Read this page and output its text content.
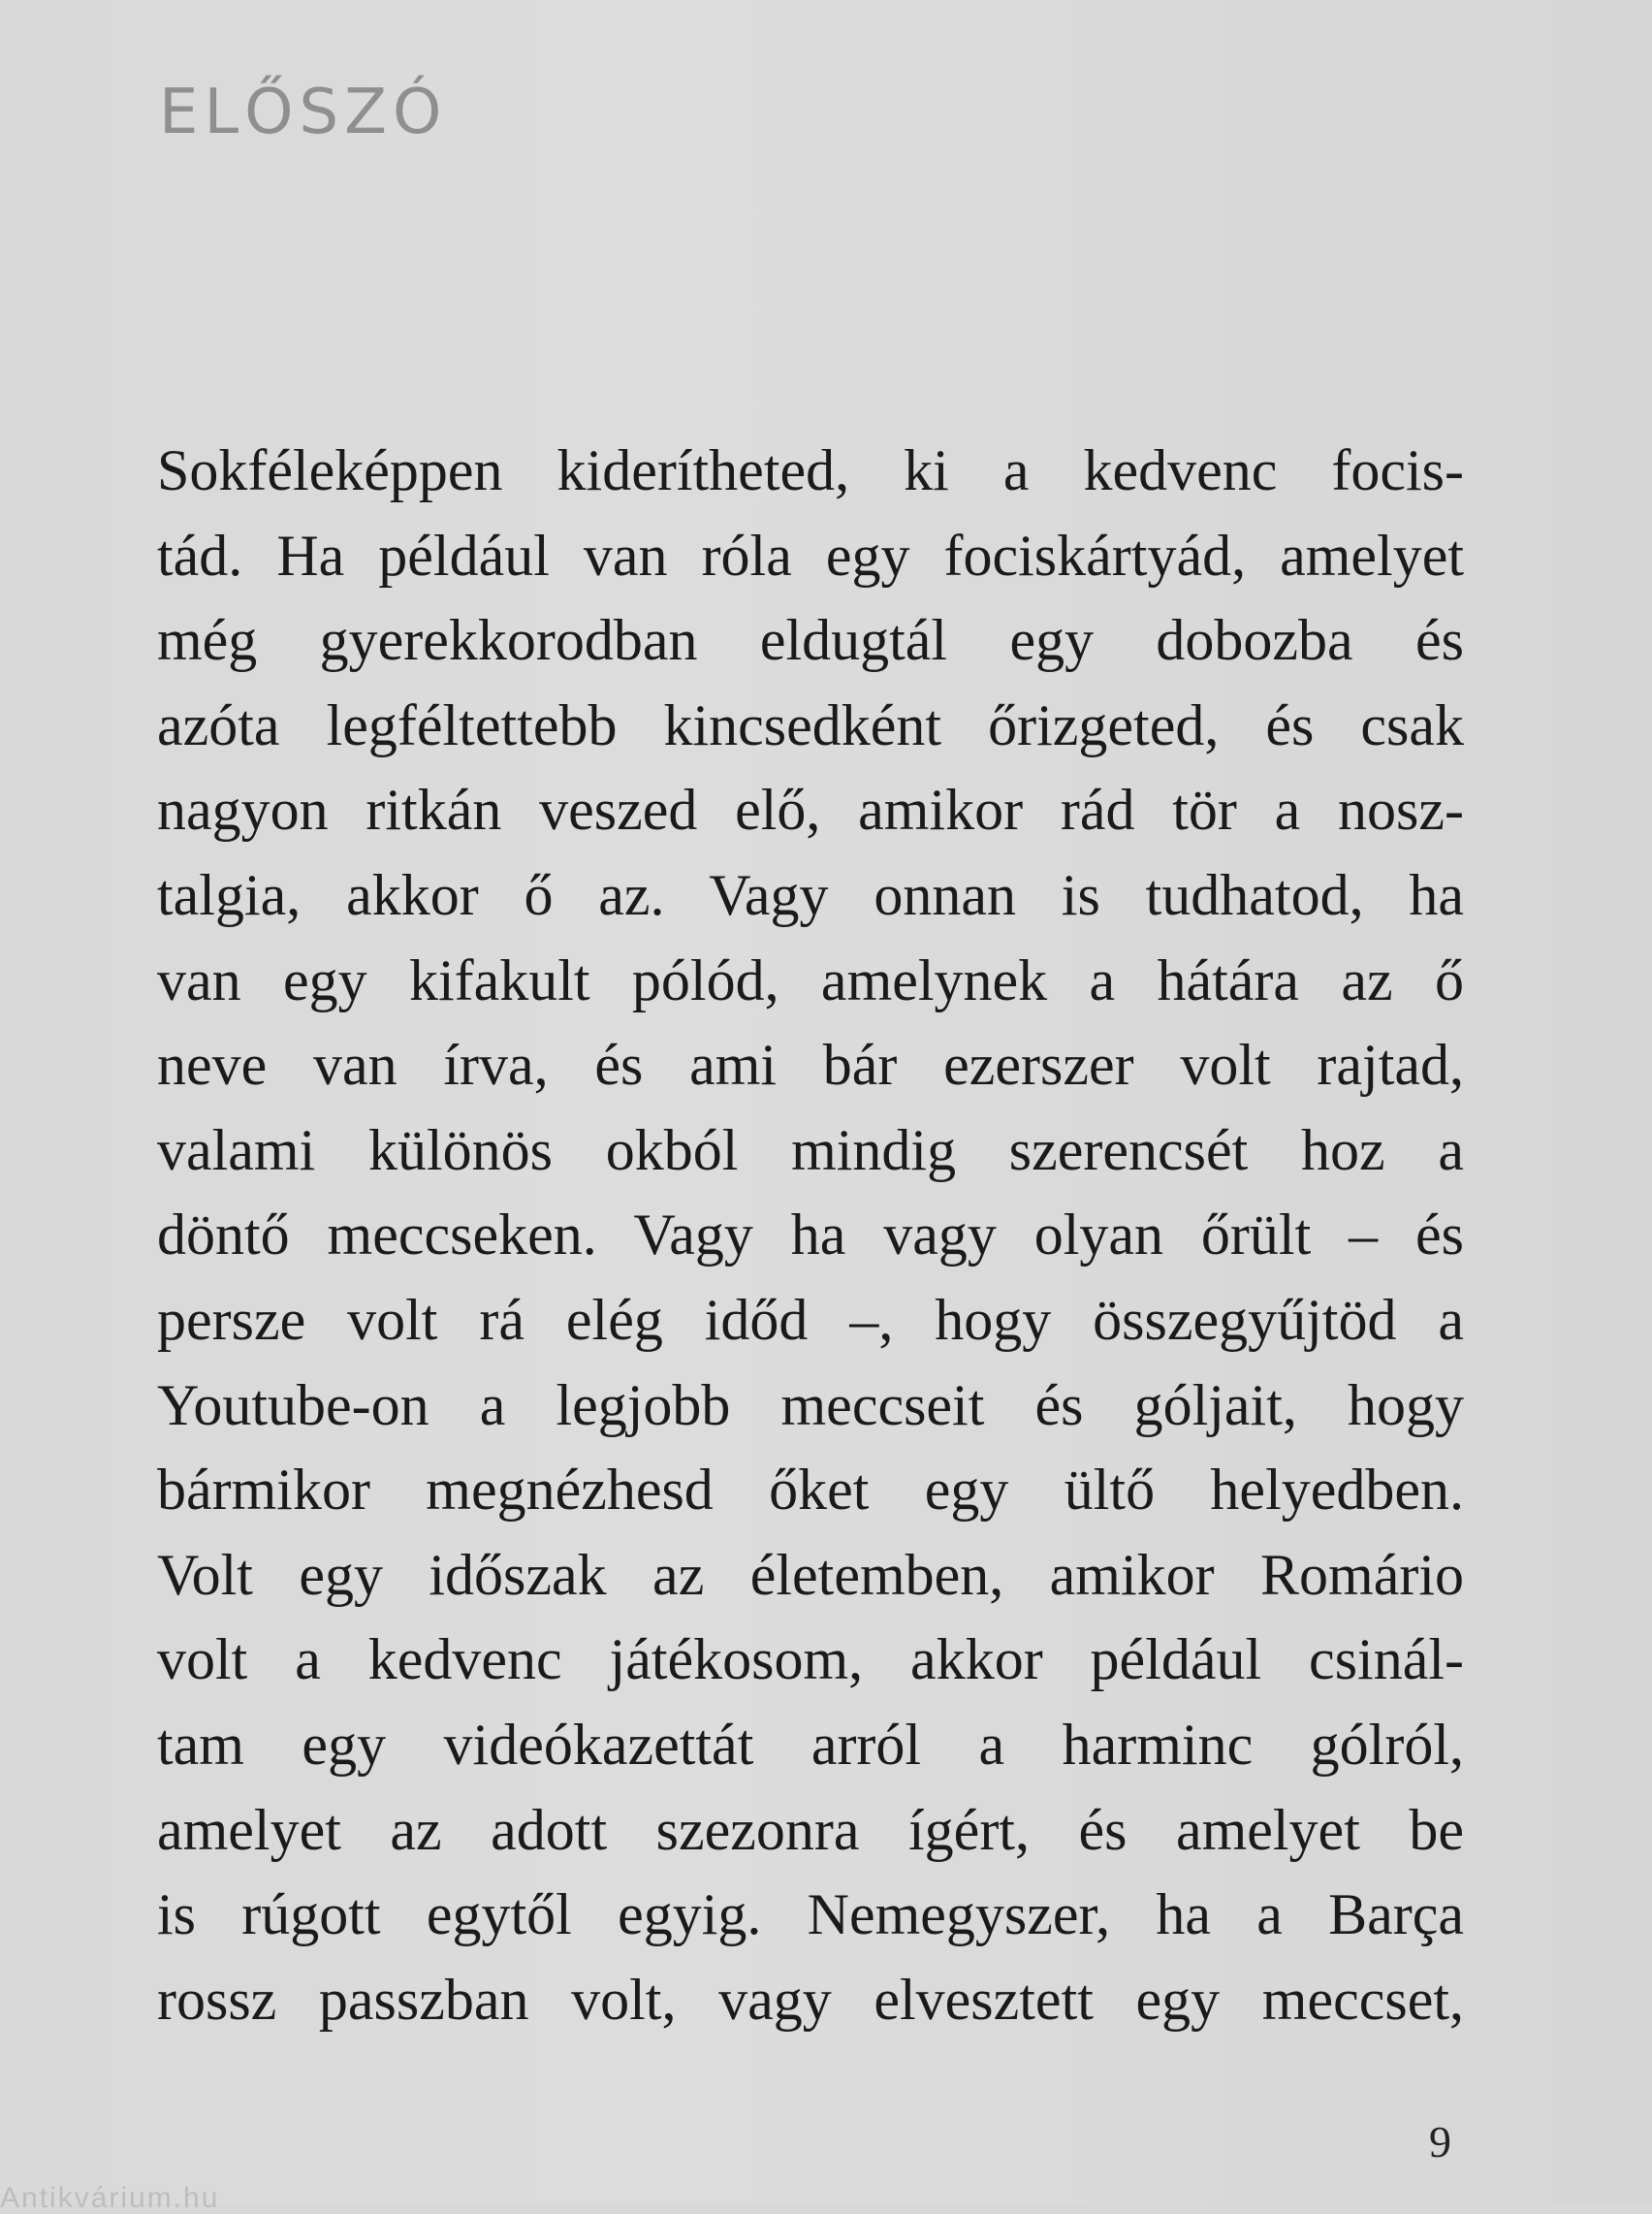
ELŐSZÓ
Sokféleképpen kiderítheted, ki a kedvenc focis-
tád. Ha például van róla egy fociskártyád, amelyet
még gyerekkorodban eldugtál egy dobozba és
azóta legféltettebb kincsedként őrizgeted, és csak
nagyon ritkán veszed elő, amikor rád tör a nosz-
talgia, akkor ő az. Vagy onnan is tudhatod, ha
van egy kifakult pólód, amelynek a hátára az ő
neve van írva, és ami bár ezerszer volt rajtad,
valami különös okból mindig szerencsét hoz a
döntő meccseken. Vagy ha vagy olyan őrült – és
persze volt rá elég időd –, hogy összegyűjtöd a
Youtube-on a legjobb meccseit és góljait, hogy
bármikor megnézhesd őket egy ültő helyedben.
Volt egy időszak az életemben, amikor Romário
volt a kedvenc játékosom, akkor például csinál-
tam egy videókazettát arról a harminc gólról,
amelyet az adott szezonra ígért, és amelyet be
is rúgott egytől egyig. Nemegyszer, ha a Barça
rossz passzban volt, vagy elvesztett egy meccset,
9
Antikvárium.hu
